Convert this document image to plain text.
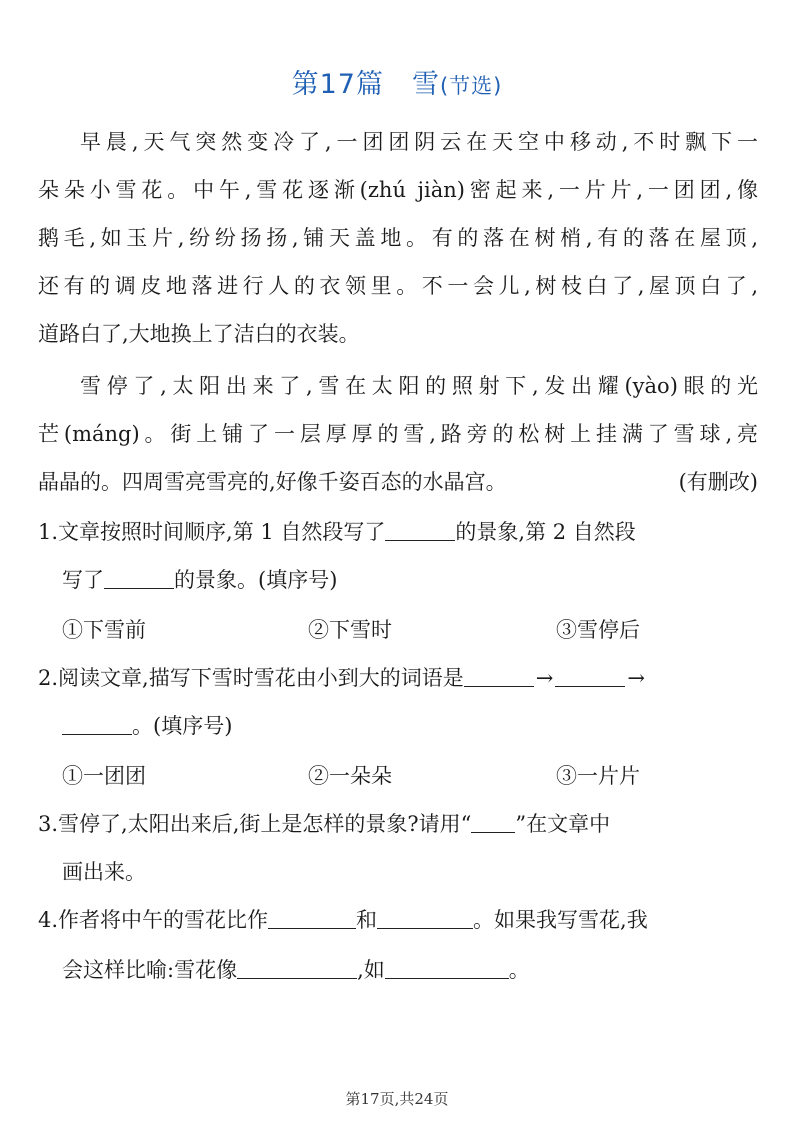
第17篇　雪(节选)
早晨,天气突然变冷了,一团团阴云在天空中移动,不时飘下一
朵朵小雪花。中午,雪花逐渐(zhú jiàn)密起来,一片片,一团团,像
鹅毛,如玉片,纷纷扬扬,铺天盖地。有的落在树梢,有的落在屋顶,
还有的调皮地落进行人的衣领里。不一会儿,树枝白了,屋顶白了,
道路白了,大地换上了洁白的衣装。
雪停了,太阳出来了,雪在太阳的照射下,发出耀(yào)眼的光
芒(máng)。街上铺了一层厚厚的雪,路旁的松树上挂满了雪球,亮
晶晶的。四周雪亮雪亮的,好像千姿百态的水晶宫。	(有删改)
1.文章按照时间顺序,第 1 自然段写了	的景象,第 2 自然段
写了	的景象。(填序号)
①下雪前	②下雪时	③雪停后
2.阅读文章,描写下雪时雪花由小到大的词语是	→	→
。(填序号)
①一团团	②一朵朵	③一片片
3.雪停了,太阳出来后,街上是怎样的景象?请用“ ”在文章中
画出来。
4.作者将中午的雪花比作	和	。如果我写雪花,我
会这样比喻:雪花像	,如	。
第17页,共24页
